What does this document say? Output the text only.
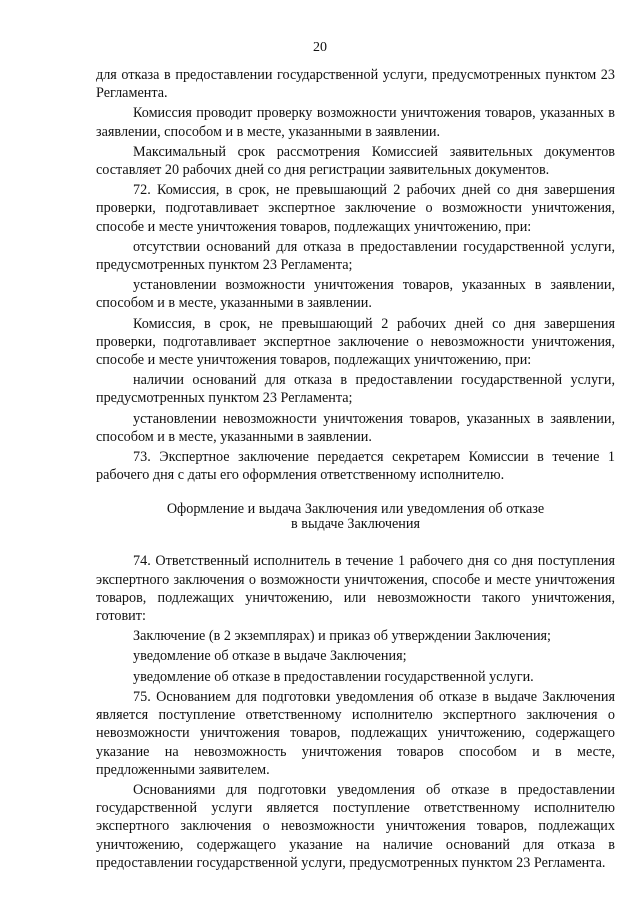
20

для отказа в предоставлении государственной услуги, предусмотренных пунктом 23 Регламента.

Комиссия проводит проверку возможности уничтожения товаров, указанных в заявлении, способом и в месте, указанными в заявлении.

Максимальный срок рассмотрения Комиссией заявительных документов составляет 20 рабочих дней со дня регистрации заявительных документов.

72. Комиссия, в срок, не превышающий 2 рабочих дней со дня завершения проверки, подготавливает экспертное заключение о возможности уничтожения, способе и месте уничтожения товаров, подлежащих уничтожению, при:

отсутствии оснований для отказа в предоставлении государственной услуги, предусмотренных пунктом 23 Регламента;

установлении возможности уничтожения товаров, указанных в заявлении, способом и в месте, указанными в заявлении.

Комиссия, в срок, не превышающий 2 рабочих дней со дня завершения проверки, подготавливает экспертное заключение о невозможности уничтожения, способе и месте уничтожения товаров, подлежащих уничтожению, при:

наличии оснований для отказа в предоставлении государственной услуги, предусмотренных пунктом 23 Регламента;

установлении невозможности уничтожения товаров, указанных в заявлении, способом и в месте, указанными в заявлении.

73. Экспертное заключение передается секретарем Комиссии в течение 1 рабочего дня с даты его оформления ответственному исполнителю.

Оформление и выдача Заключения или уведомления об отказе
в выдаче Заключения

74. Ответственный исполнитель в течение 1 рабочего дня со дня поступления экспертного заключения о возможности уничтожения, способе и месте уничтожения товаров, подлежащих уничтожению, или невозможности такого уничтожения, готовит:

Заключение (в 2 экземплярах) и приказ об утверждении Заключения;

уведомление об отказе в выдаче Заключения;

уведомление об отказе в предоставлении государственной услуги.

75. Основанием для подготовки уведомления об отказе в выдаче Заключения является поступление ответственному исполнителю экспертного заключения о невозможности уничтожения товаров, подлежащих уничтожению, содержащего указание на невозможность уничтожения товаров способом и в месте, предложенными заявителем.

Основаниями для подготовки уведомления об отказе в предоставлении государственной услуги является поступление ответственному исполнителю экспертного заключения о невозможности уничтожения товаров, подлежащих уничтожению, содержащего указание на наличие оснований для отказа в предоставлении государственной услуги, предусмотренных пунктом 23 Регламента.
